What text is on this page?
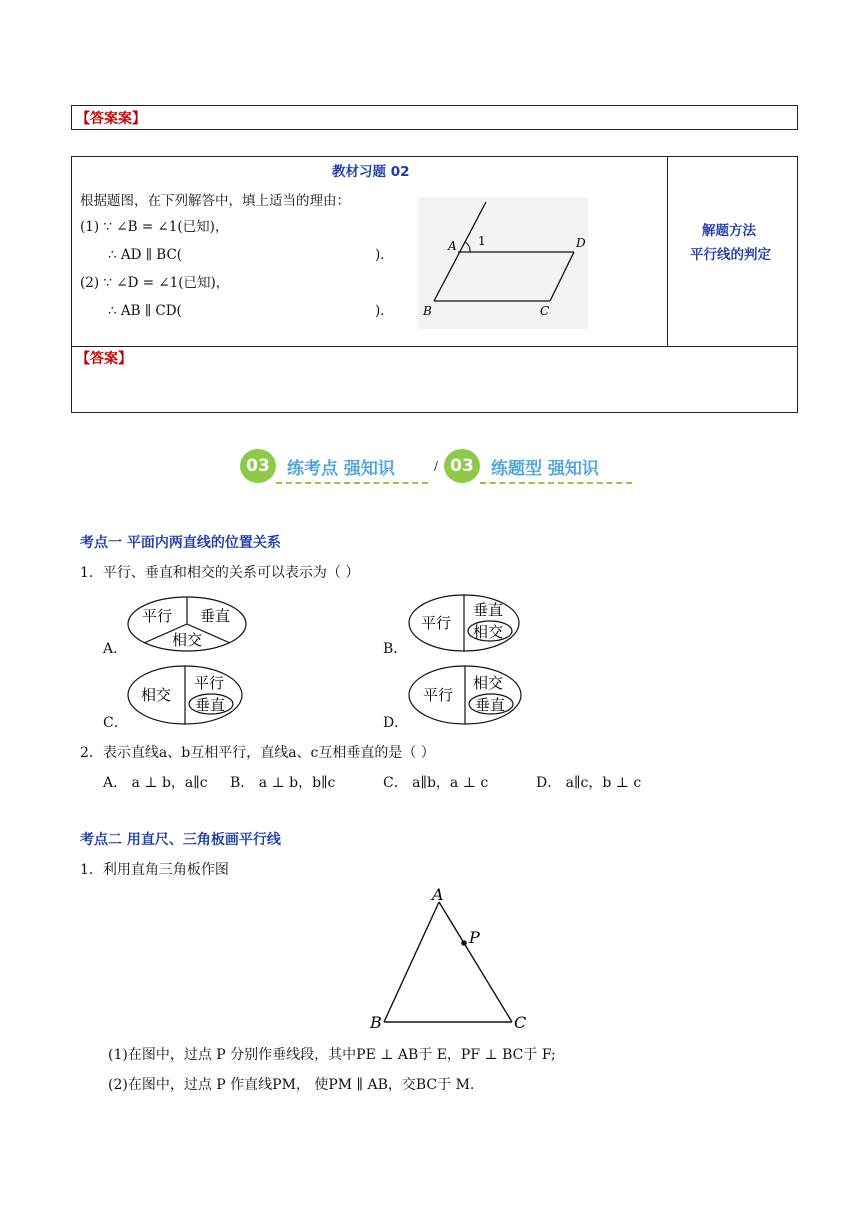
【答案案】
教材习题 02
根据题图，在下列解答中，填上适当的理由：
(1) ∵ ∠B = ∠1(已知)，
∴ AD ∥ BC(	)．
(2) ∵ ∠D = ∠1(已知)，
∴ AB ∥ CD(	)．
A 1	D
B	C
解题方法
平行线的判定
【答案】
03	练考点 强知识	/ 03	练题型 强知识
考点一 平面内两直线的位置关系
1．平行、垂直和相交的关系可以表示为（ ）
A．
平行 垂直
相交	B．
平行
垂直
相交
C．
相交
平行
垂直
D．
平行
相交
垂直
2．表示直线a、b互相平行，直线a、c互相垂直的是（ ）
A． a ⊥ b，a∥c B． a ⊥ b，b∥c	C． a∥b，a ⊥ c	D． a∥c，b ⊥ c
考点二 用直尺、三角板画平行线
1．利用直角三角板作图
A
P
B	C
(1)在图中，过点 P 分别作垂线段，其中PE ⊥ AB于 E，PF ⊥ BC于 F;
(2)在图中，过点 P 作直线PM， 使PM ∥ AB，交BC于 M.
